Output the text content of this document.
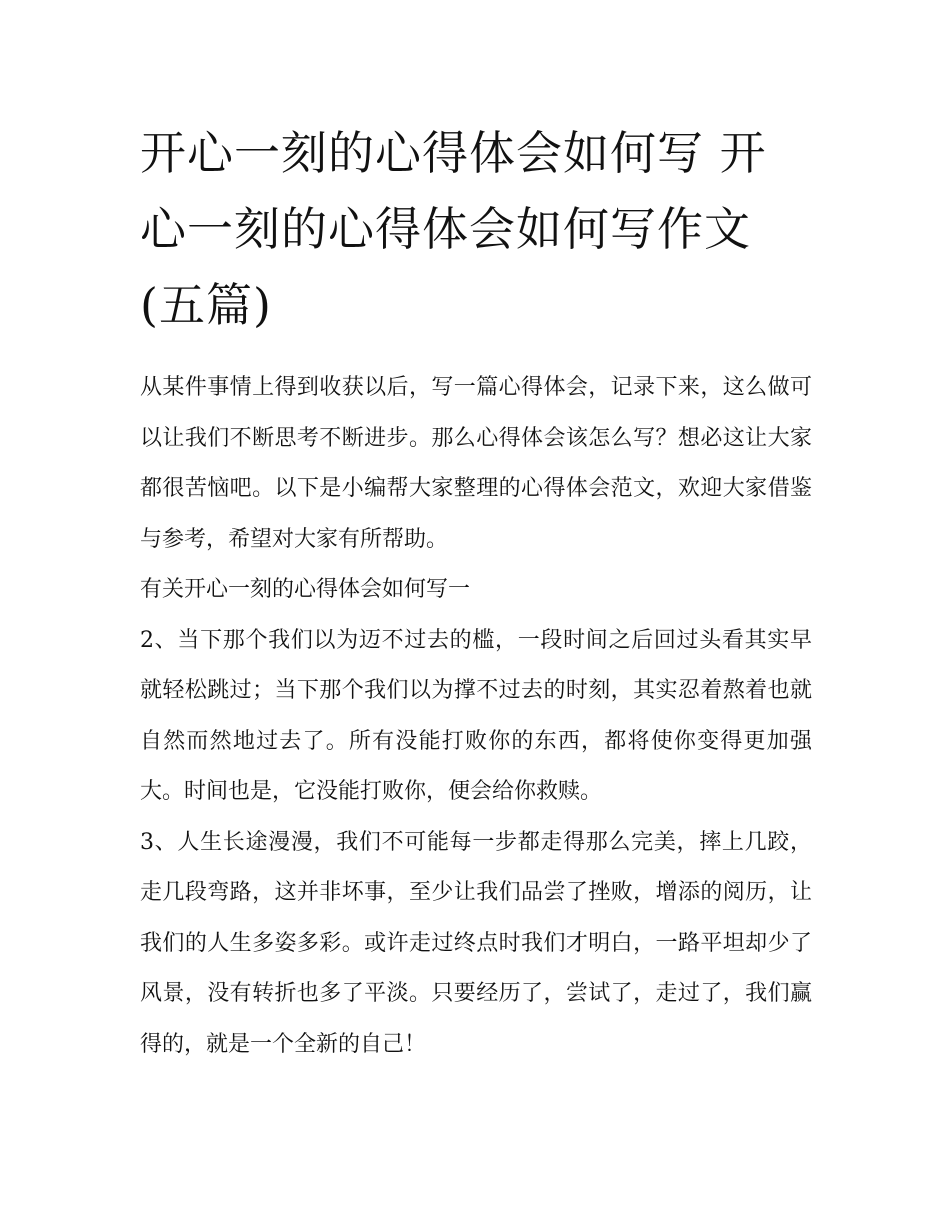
开心一刻的心得体会如何写 开心一刻的心得体会如何写作文(五篇)

从某件事情上得到收获以后，写一篇心得体会，记录下来，这么做可以让我们不断思考不断进步。那么心得体会该怎么写？想必这让大家都很苦恼吧。以下是小编帮大家整理的心得体会范文，欢迎大家借鉴与参考，希望对大家有所帮助。

有关开心一刻的心得体会如何写一

2、当下那个我们以为迈不过去的槛，一段时间之后回过头看其实早就轻松跳过；当下那个我们以为撑不过去的时刻，其实忍着熬着也就自然而然地过去了。所有没能打败你的东西，都将使你变得更加强大。时间也是，它没能打败你，便会给你救赎。

3、人生长途漫漫，我们不可能每一步都走得那么完美，摔上几跤，走几段弯路，这并非坏事，至少让我们品尝了挫败，增添的阅历，让我们的人生多姿多彩。或许走过终点时我们才明白，一路平坦却少了风景，没有转折也多了平淡。只要经历了，尝试了，走过了，我们赢得的，就是一个全新的自己！
